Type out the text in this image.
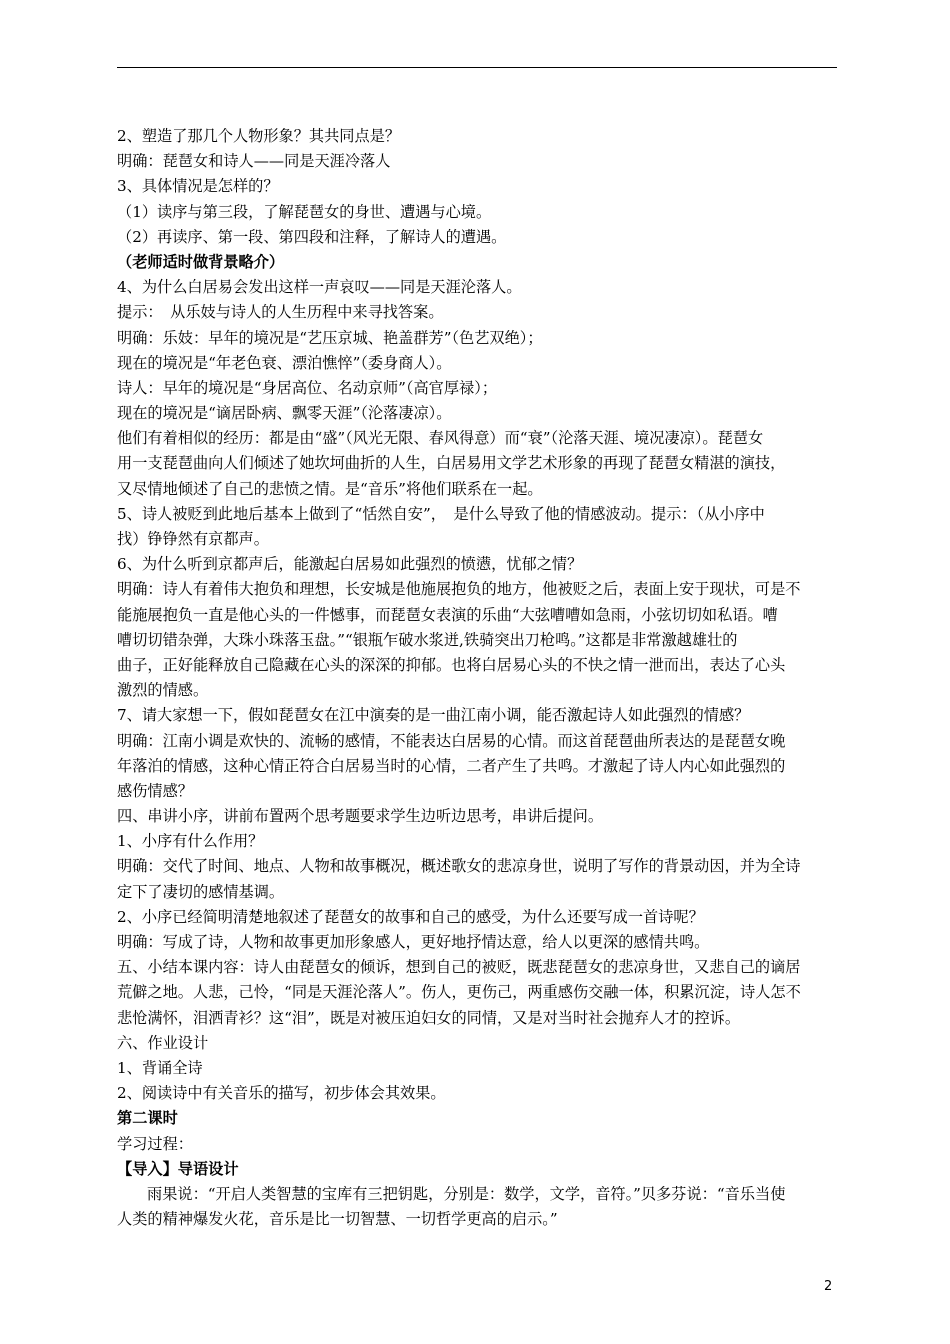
2、塑造了那几个人物形象？其共同点是？
明确：琵琶女和诗人——同是天涯冷落人
3、具体情况是怎样的？
（1）读序与第三段，了解琵琶女的身世、遭遇与心境。
（2）再读序、第一段、第四段和注释，了解诗人的遭遇。
（老师适时做背景略介）
4、为什么白居易会发出这样一声哀叹——同是天涯沦落人。
提示：　从乐妓与诗人的人生历程中来寻找答案。
明确：乐妓：早年的境况是“艺压京城、艳盖群芳”（色艺双绝）；
现在的境况是“年老色衰、漂泊憔悴”（委身商人）。
诗人：早年的境况是“身居高位、名动京师”（高官厚禄）；
现在的境况是“谪居卧病、飘零天涯”（沦落凄凉）。
他们有着相似的经历：都是由“盛”（风光无限、春风得意）而“衰”（沦落天涯、境况凄凉）。琵琶女
用一支琵琶曲向人们倾述了她坎坷曲折的人生，白居易用文学艺术形象的再现了琵琶女精湛的演技，
又尽情地倾述了自己的悲愤之情。是“音乐”将他们联系在一起。
5、诗人被贬到此地后基本上做到了“恬然自安”，　是什么导致了他的情感波动。提示：（从小序中
找）铮铮然有京都声。
6、为什么听到京都声后，能激起白居易如此强烈的愤懑，忧郁之情？
明确：诗人有着伟大抱负和理想，长安城是他施展抱负的地方，他被贬之后，表面上安于现状，可是不
能施展抱负一直是他心头的一件憾事，而琵琶女表演的乐曲“大弦嘈嘈如急雨，小弦切切如私语。嘈
嘈切切错杂弹，大珠小珠落玉盘。”“银瓶乍破水浆迸,铁骑突出刀枪鸣。”这都是非常激越雄壮的
曲子，正好能释放自己隐藏在心头的深深的抑郁。也将白居易心头的不快之情一泄而出，表达了心头
激烈的情感。
7、请大家想一下，假如琵琶女在江中演奏的是一曲江南小调，能否激起诗人如此强烈的情感？
明确：江南小调是欢快的、流畅的感情，不能表达白居易的心情。而这首琵琶曲所表达的是琵琶女晚
年落泊的情感，这种心情正符合白居易当时的心情，二者产生了共鸣。才激起了诗人内心如此强烈的
感伤情感？
四、串讲小序，讲前布置两个思考题要求学生边听边思考，串讲后提问。
1、小序有什么作用？
明确：交代了时间、地点、人物和故事概况，概述歌女的悲凉身世，说明了写作的背景动因，并为全诗
定下了凄切的感情基调。
2、小序已经简明清楚地叙述了琵琶女的故事和自己的感受，为什么还要写成一首诗呢？
明确：写成了诗，人物和故事更加形象感人，更好地抒情达意，给人以更深的感情共鸣。
五、小结本课内容：诗人由琵琶女的倾诉，想到自己的被贬，既悲琵琶女的悲凉身世，又悲自己的谪居
荒僻之地。人悲，己怜，“同是天涯沦落人”。伤人，更伤己，两重感伤交融一体，积累沉淀，诗人怎不
悲怆满怀，泪洒青衫？这“泪”，既是对被压迫妇女的同情，又是对当时社会抛弃人才的控诉。
六、作业设计
1、背诵全诗
2、阅读诗中有关音乐的描写，初步体会其效果。
第二课时
学习过程：
【导入】导语设计
雨果说：“开启人类智慧的宝库有三把钥匙，分别是：数学，文学，音符。”贝多芬说：“音乐当使
人类的精神爆发火花，音乐是比一切智慧、一切哲学更高的启示。”
2
